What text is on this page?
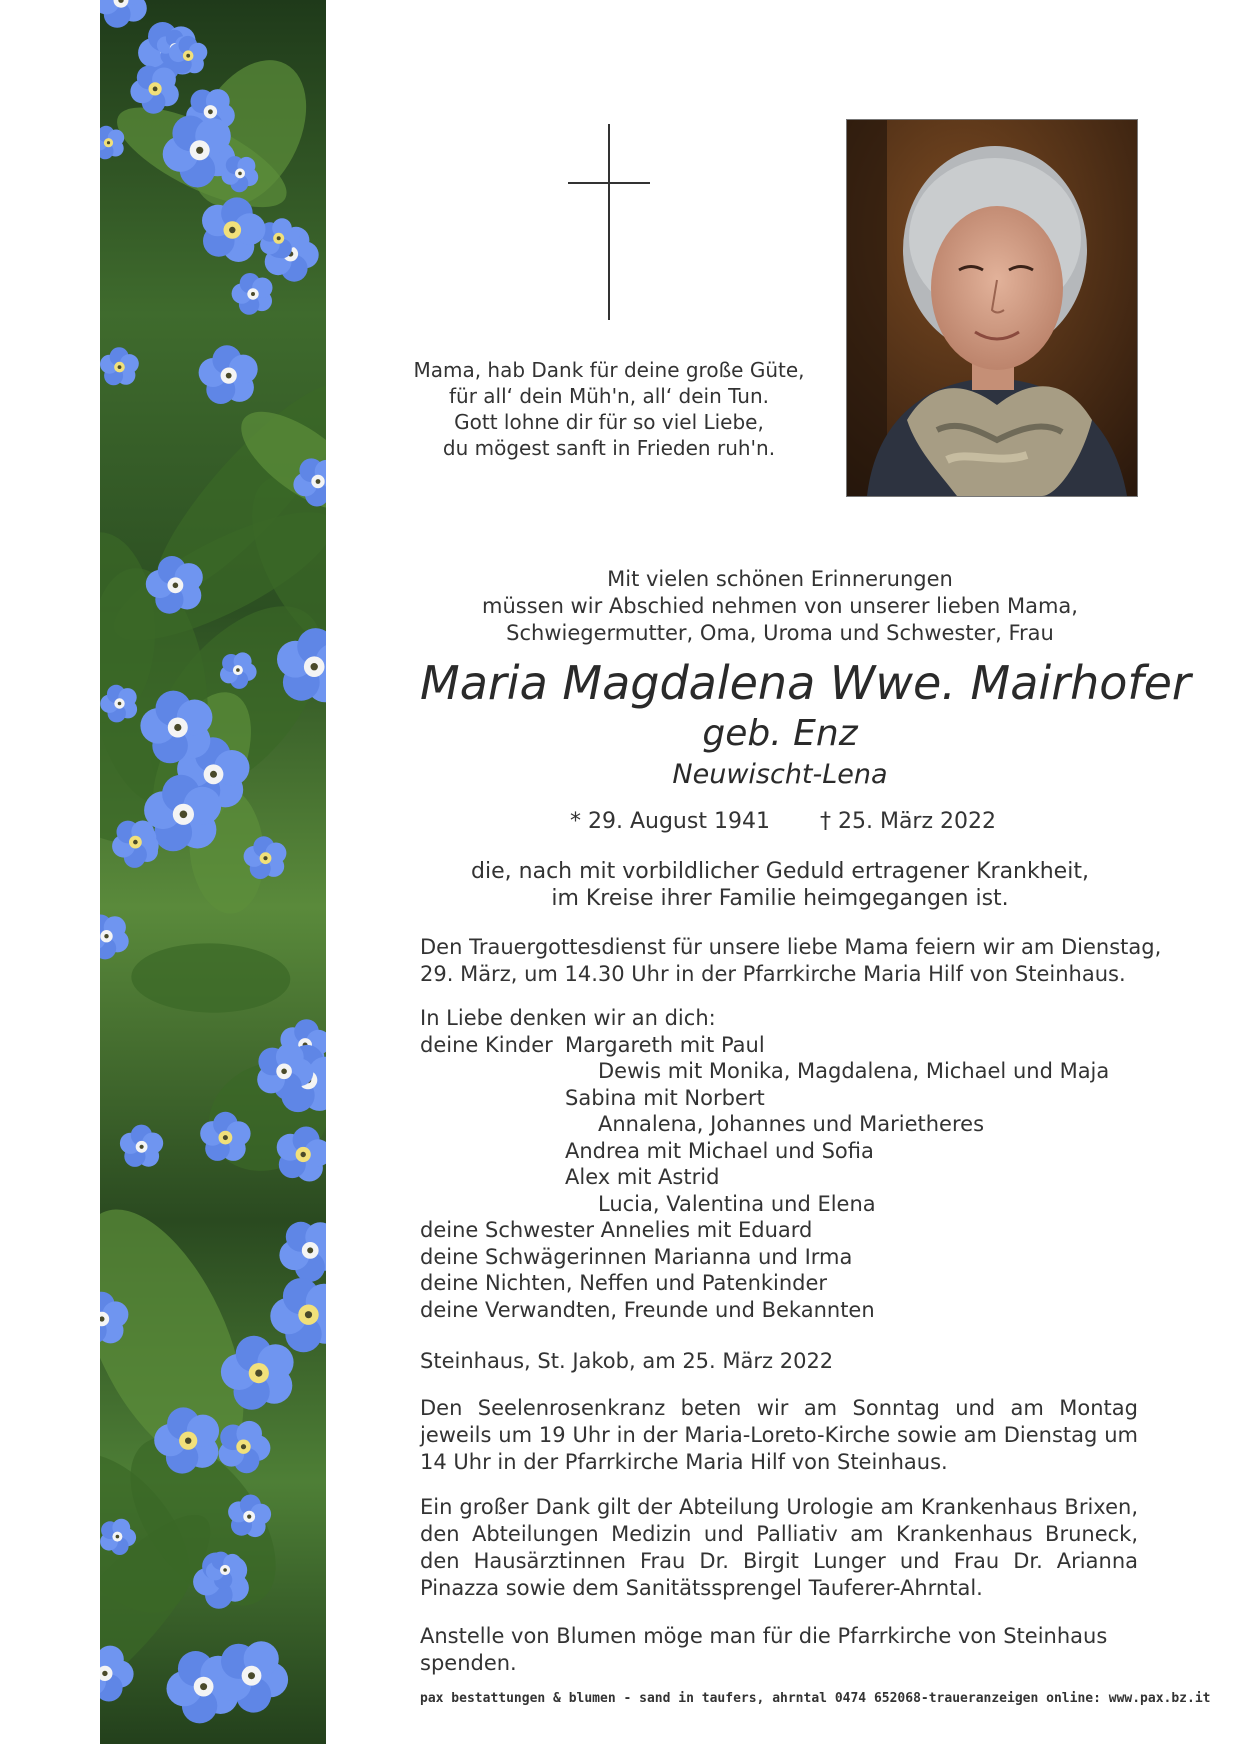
Mama, hab Dank für deine große Güte,
für all‘ dein Müh'n, all‘ dein Tun.
Gott lohne dir für so viel Liebe,
du mögest sanft in Frieden ruh'n.
Mit vielen schönen Erinnerungen
müssen wir Abschied nehmen von unserer lieben Mama,
Schwiegermutter, Oma, Uroma und Schwester, Frau
Maria Magdalena Wwe. Mairhofer
geb. Enz
Neuwischt-Lena
* 29. August 1941 † 25. März 2022
die, nach mit vorbildlicher Geduld ertragener Krankheit,
im Kreise ihrer Familie heimgegangen ist.
Den Trauergottesdienst für unsere liebe Mama feiern wir am Dienstag,
29. März, um 14.30 Uhr in der Pfarrkirche Maria Hilf von Steinhaus.
In Liebe denken wir an dich:
deine Kinder Margareth mit Paul
Dewis mit Monika, Magdalena, Michael und Maja
Sabina mit Norbert
Annalena, Johannes und Marietheres
Andrea mit Michael und Sofia
Alex mit Astrid
Lucia, Valentina und Elena
deine Schwester Annelies mit Eduard
deine Schwägerinnen Marianna und Irma
deine Nichten, Neffen und Patenkinder
deine Verwandten, Freunde und Bekannten
Steinhaus, St. Jakob, am 25. März 2022
Den Seelenrosenkranz beten wir am Sonntag und am Montag jeweils um 19 Uhr in der Maria-Loreto-Kirche sowie am Dienstag um 14 Uhr in der Pfarrkirche Maria Hilf von Steinhaus.
Ein großer Dank gilt der Abteilung Urologie am Krankenhaus Brixen, den Abteilungen Medizin und Palliativ am Krankenhaus Bruneck, den Hausärztinnen Frau Dr. Birgit Lunger und Frau Dr. Arianna Pinazza sowie dem Sanitätssprengel Tauferer-Ahrntal.
Anstelle von Blumen möge man für die Pfarrkirche von Steinhaus spenden.
pax bestattungen & blumen - sand in taufers, ahrntal 0474 652068-traueranzeigen online: www.pax.bz.it
